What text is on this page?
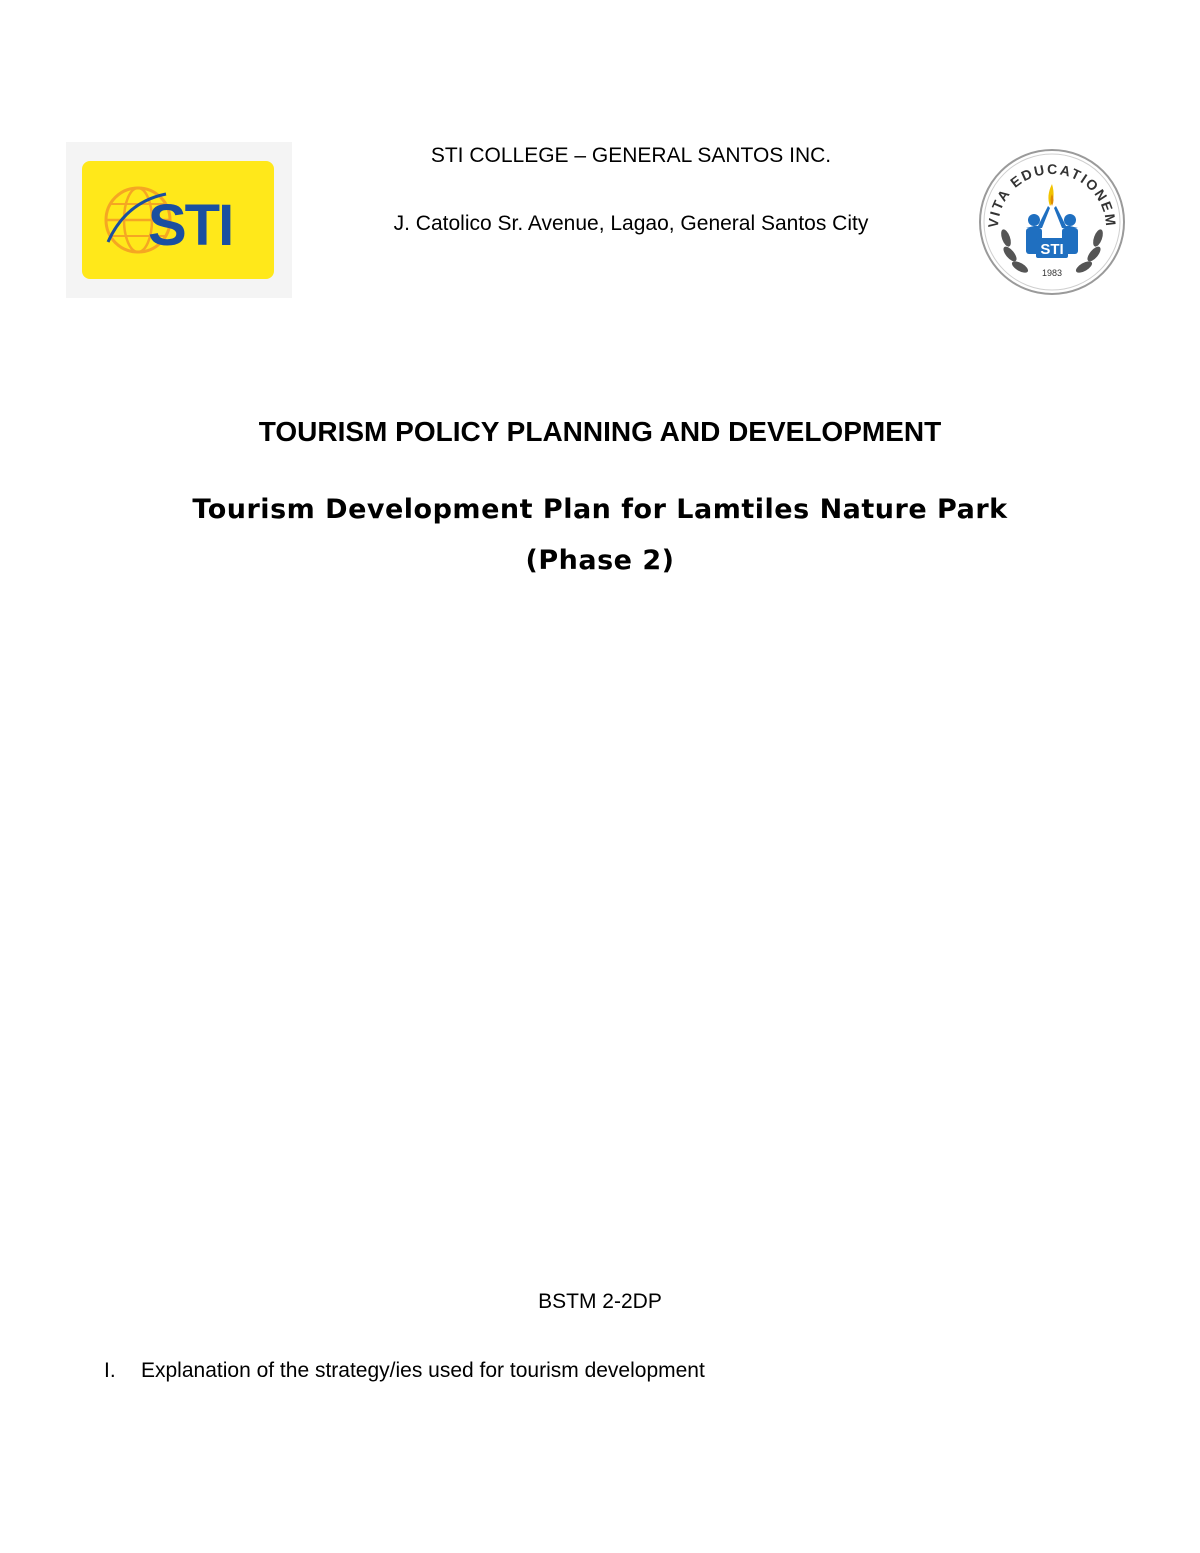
STI
STI COLLEGE – GENERAL SANTOS INC.
J. Catolico Sr. Avenue, Lagao, General Santos City	VITA EDUCATIONEM
STI
1983
TOURISM POLICY PLANNING AND DEVELOPMENT
Tourism Development Plan for Lamtiles Nature Park
(Phase 2)
BSTM 2-2DP
I. Explanation of the strategy/ies used for tourism development
